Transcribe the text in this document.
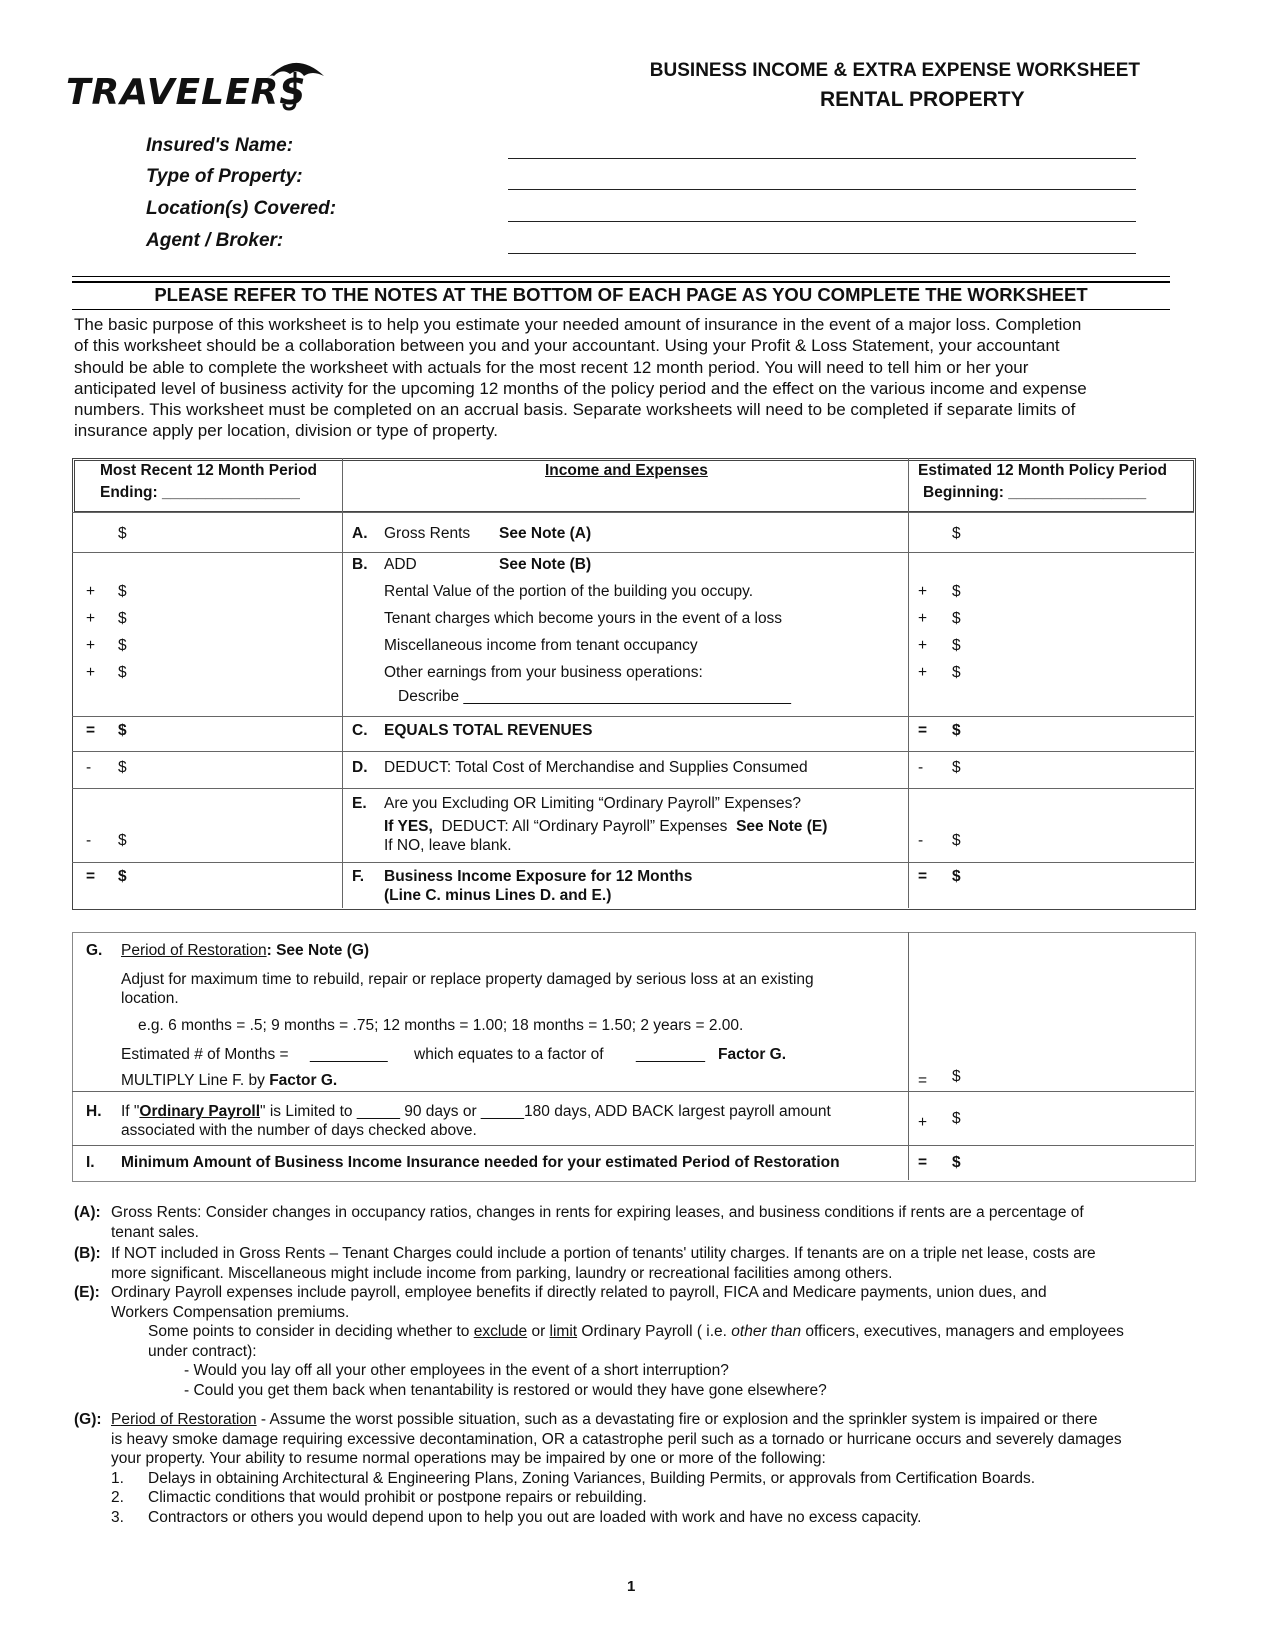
TRAVELERS
BUSINESS INCOME & EXTRA EXPENSE WORKSHEET
RENTAL PROPERTY
Insured's Name:
Type of Property:
Location(s) Covered:
Agent / Broker:
PLEASE REFER TO THE NOTES AT THE BOTTOM OF EACH PAGE AS YOU COMPLETE THE WORKSHEET

The basic purpose of this worksheet is to help you estimate your needed amount of insurance in the event of a major loss. Completion

of this worksheet should be a collaboration between you and your accountant. Using your Profit & Loss Statement, your accountant

should be able to complete the worksheet with actuals for the most recent 12 month period. You will need to tell him or her your

anticipated level of business activity for the upcoming 12 months of the policy period and the effect on the various income and expense

numbers. This worksheet must be completed on an accrual basis. Separate worksheets will need to be completed if separate limits of

insurance apply per location, division or type of property.

Most Recent 12 Month Period
Ending: ________________
Income and Expenses	Estimated 12 Month Policy Period
Beginning: ________________
$	A. Gross Rents See Note (A)	$
B. ADD	See Note (B)
+ $	Rental Value of the portion of the building you occupy.	+ $
+ $	Tenant charges which become yours in the event of a loss	+ $
+ $	Miscellaneous income from tenant occupancy	+ $
+ $	Other earnings from your business operations:	+ $
Describe ______________________________________
= $	C. EQUALS TOTAL REVENUES	= $
- $	D. DEDUCT: Total Cost of Merchandise and Supplies Consumed	- $
E. Are you Excluding OR Limiting “Ordinary Payroll” Expenses?
If YES, DEDUCT: All “Ordinary Payroll” Expenses See Note (E)
If NO, leave blank.
- $	- $
= $	F. Business Income Exposure for 12 Months
(Line C. minus Lines D. and E.)
= $
G. Period of Restoration: See Note (G)
Adjust for maximum time to rebuild, repair or replace property damaged by serious loss at an existing
location.
e.g. 6 months = .5; 9 months = .75; 12 months = 1.00; 18 months = 1.50; 2 years = 2.00.
Estimated # of Months = _________ which equates to a factor of ________ Factor G.
MULTIPLY Line F. by Factor G.	= $
H. If "Ordinary Payroll" is Limited to _____ 90 days or _____180 days, ADD BACK largest payroll amount
associated with the number of days checked above.	+ $
I. Minimum Amount of Business Income Insurance needed for your estimated Period of Restoration	= $
(A): Gross Rents: Consider changes in occupancy ratios, changes in rents for expiring leases, and business conditions if rents are a percentage of
tenant sales.
(B): If NOT included in Gross Rents – Tenant Charges could include a portion of tenants' utility charges. If tenants are on a triple net lease, costs are
more significant. Miscellaneous might include income from parking, laundry or recreational facilities among others.
(E): Ordinary Payroll expenses include payroll, employee benefits if directly related to payroll, FICA and Medicare payments, union dues, and
Workers Compensation premiums.
Some points to consider in deciding whether to exclude or limit Ordinary Payroll ( i.e. other than officers, executives, managers and employees
under contract):
- Would you lay off all your other employees in the event of a short interruption?
- Could you get them back when tenantability is restored or would they have gone elsewhere?
(G): Period of Restoration - Assume the worst possible situation, such as a devastating fire or explosion and the sprinkler system is impaired or there
is heavy smoke damage requiring excessive decontamination, OR a catastrophe peril such as a tornado or hurricane occurs and severely damages
your property. Your ability to resume normal operations may be impaired by one or more of the following:
1. Delays in obtaining Architectural & Engineering Plans, Zoning Variances, Building Permits, or approvals from Certification Boards.
2. Climactic conditions that would prohibit or postpone repairs or rebuilding.
3. Contractors or others you would depend upon to help you out are loaded with work and have no excess capacity.
1
